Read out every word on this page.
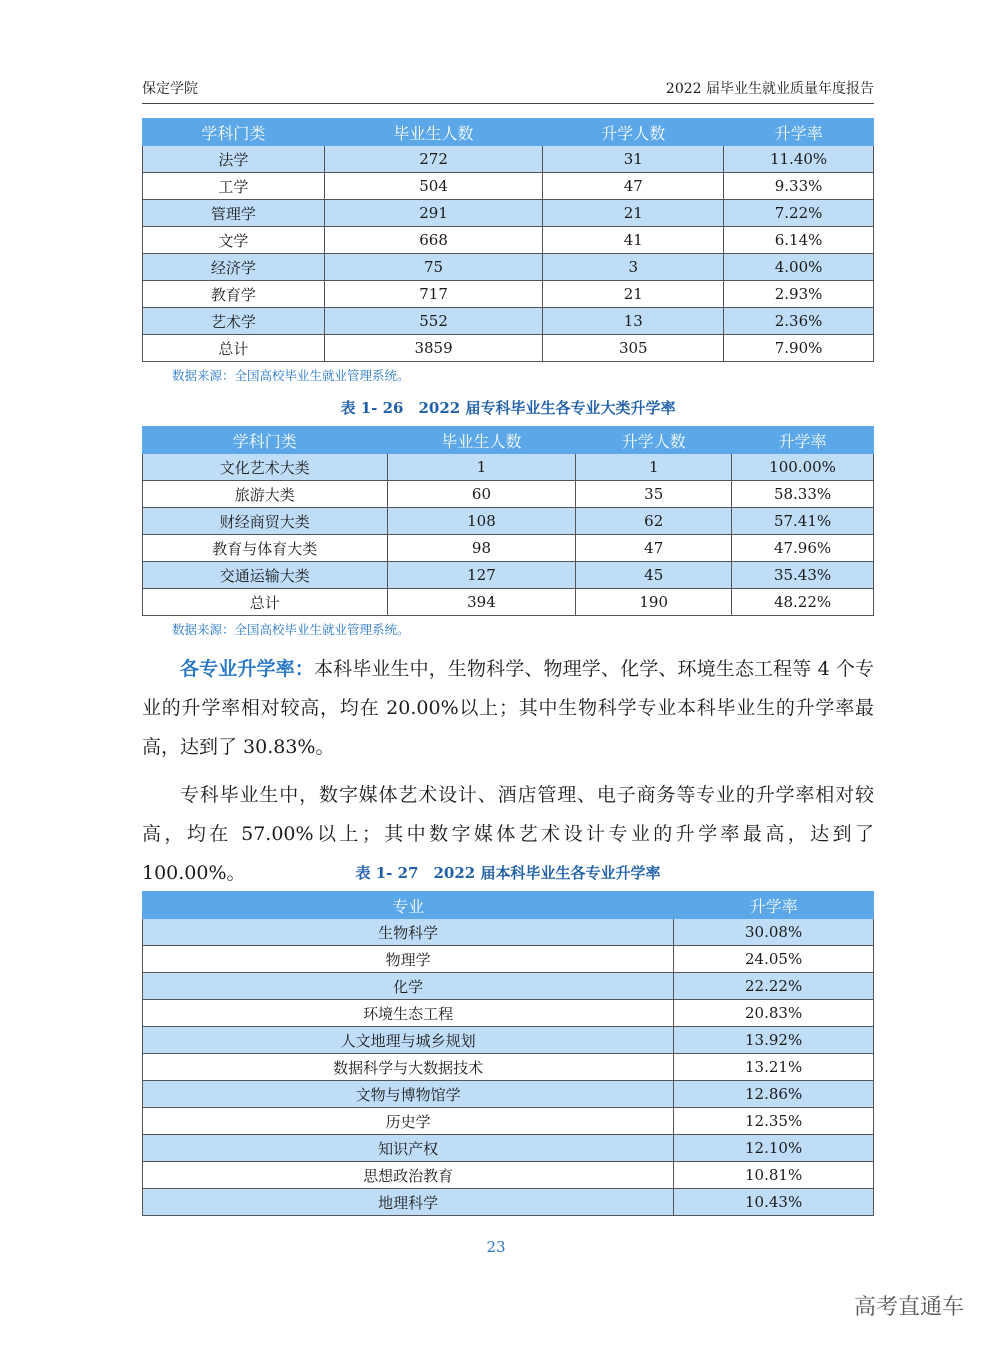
保定学院	2022 届毕业生就业质量年度报告
学科门类	毕业生人数	升学人数	升学率
法学	272	31	11.40%
工学	504	47	9.33%
管理学	291	21	7.22%
文学	668	41	6.14%
经济学	75	3	4.00%
教育学	717	21	2.93%
艺术学	552	13	2.36%
总计	3859	305	7.90%
数据来源：全国高校毕业生就业管理系统。
表 1- 26　2022 届专科毕业生各专业大类升学率
学科门类	毕业生人数	升学人数	升学率
文化艺术大类	1	1	100.00%
旅游大类	60	35	58.33%
财经商贸大类	108	62	57.41%
教育与体育大类	98	47	47.96%
交通运输大类	127	45	35.43%
总计	394	190	48.22%
数据来源：全国高校毕业生就业管理系统。
各专业升学率：本科毕业生中，生物科学、物理学、化学、环境生态工程等 4 个专业的升学率相对较高，均在 20.00%以上；其中生物科学专业本科毕业生的升学率最高，达到了 30.83%。
专科毕业生中，数字媒体艺术设计、酒店管理、电子商务等专业的升学率相对较高，均在 57.00%以上；其中数字媒体艺术设计专业的升学率最高，达到了 100.00%。	表 1- 27　2022 届本科毕业生各专业升学率
专业	升学率
生物科学	30.08%
物理学	24.05%
化学	22.22%
环境生态工程	20.83%
人文地理与城乡规划	13.92%
数据科学与大数据技术	13.21%
文物与博物馆学	12.86%
历史学	12.35%
知识产权	12.10%
思想政治教育	10.81%
地理科学	10.43%
23
高考直通车
